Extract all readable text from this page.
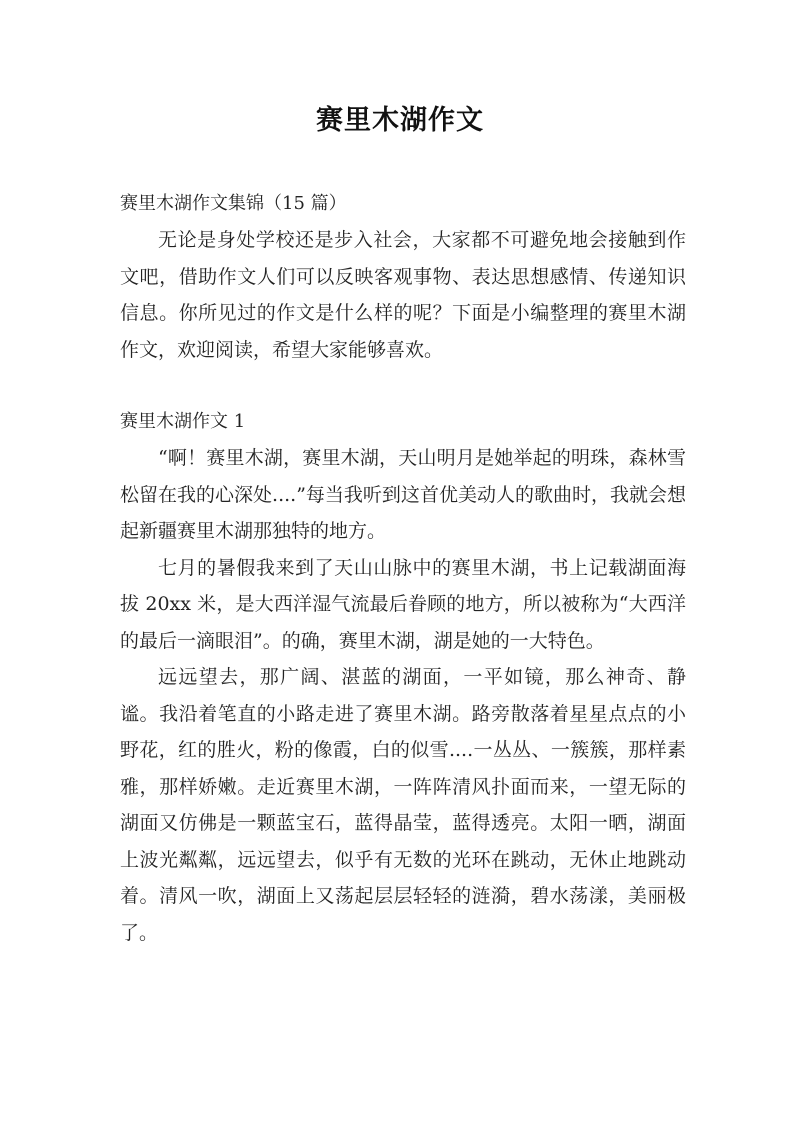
赛里木湖作文

赛里木湖作文集锦（15 篇）

无论是身处学校还是步入社会，大家都不可避免地会接触到作文吧，借助作文人们可以反映客观事物、表达思想感情、传递知识信息。你所见过的作文是什么样的呢？下面是小编整理的赛里木湖作文，欢迎阅读，希望大家能够喜欢。

赛里木湖作文 1

“啊！赛里木湖，赛里木湖，天山明月是她举起的明珠，森林雪松留在我的心深处....”每当我听到这首优美动人的歌曲时，我就会想起新疆赛里木湖那独特的地方。

七月的暑假我来到了天山山脉中的赛里木湖，书上记载湖面海拔 20xx 米，是大西洋湿气流最后眷顾的地方，所以被称为“大西洋的最后一滴眼泪”。的确，赛里木湖，湖是她的一大特色。

远远望去，那广阔、湛蓝的湖面，一平如镜，那么神奇、静谧。我沿着笔直的小路走进了赛里木湖。路旁散落着星星点点的小野花，红的胜火，粉的像霞，白的似雪....一丛丛、一簇簇，那样素雅，那样娇嫩。走近赛里木湖，一阵阵清风扑面而来，一望无际的湖面又仿佛是一颗蓝宝石，蓝得晶莹，蓝得透亮。太阳一晒，湖面上波光粼粼，远远望去，似乎有无数的光环在跳动，无休止地跳动着。清风一吹，湖面上又荡起层层轻轻的涟漪，碧水荡漾，美丽极了。
